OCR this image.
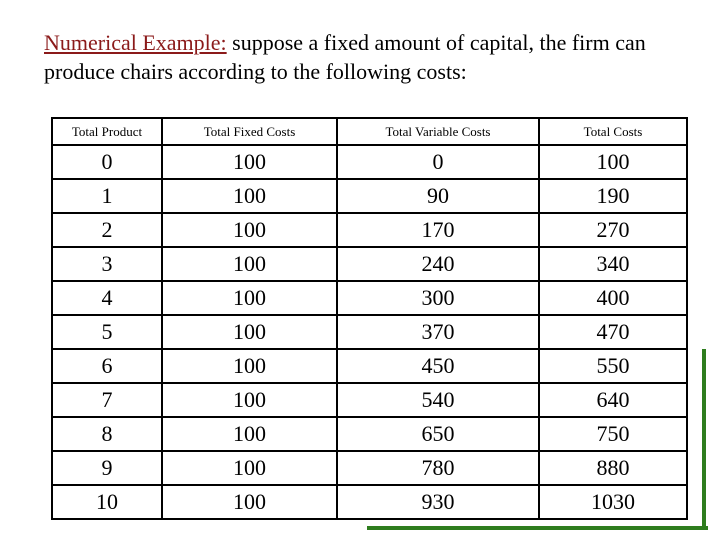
Numerical Example: suppose a fixed amount of capital, the firm can produce chairs according to the following costs:

Total Product	Total Fixed Costs	Total Variable Costs	Total Costs
0	100	0	100
1	100	90	190
2	100	170	270
3	100	240	340
4	100	300	400
5	100	370	470
6	100	450	550
7	100	540	640
8	100	650	750
9	100	780	880
10	100	930	1030
